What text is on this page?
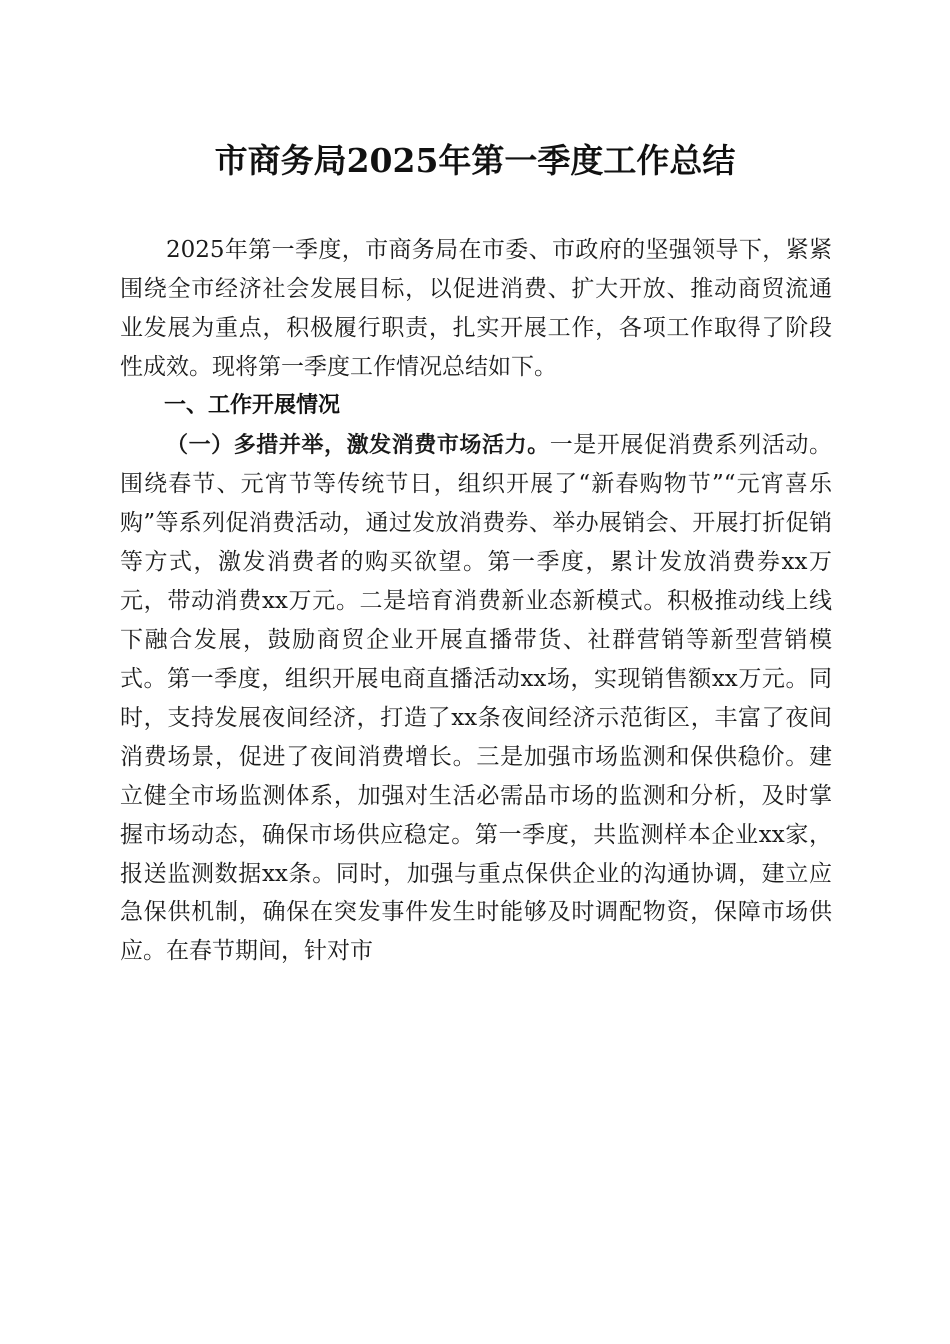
市商务局2025年第一季度工作总结

2025年第一季度，市商务局在市委、市政府的坚强领导下，紧紧围绕全市经济社会发展目标，以促进消费、扩大开放、推动商贸流通业发展为重点，积极履行职责，扎实开展工作，各项工作取得了阶段性成效。现将第一季度工作情况总结如下。

一、工作开展情况

（一）多措并举，激发消费市场活力。一是开展促消费系列活动。围绕春节、元宵节等传统节日，组织开展了“新春购物节”“元宵喜乐购”等系列促消费活动，通过发放消费券、举办展销会、开展打折促销等方式，激发消费者的购买欲望。第一季度，累计发放消费券xx万元，带动消费xx万元。二是培育消费新业态新模式。积极推动线上线下融合发展，鼓励商贸企业开展直播带货、社群营销等新型营销模式。第一季度，组织开展电商直播活动xx场，实现销售额xx万元。同时，支持发展夜间经济，打造了xx条夜间经济示范街区，丰富了夜间消费场景，促进了夜间消费增长。三是加强市场监测和保供稳价。建立健全市场监测体系，加强对生活必需品市场的监测和分析，及时掌握市场动态，确保市场供应稳定。第一季度，共监测样本企业xx家，报送监测数据xx条。同时，加强与重点保供企业的沟通协调，建立应急保供机制，确保在突发事件发生时能够及时调配物资，保障市场供应。在春节期间，针对市
